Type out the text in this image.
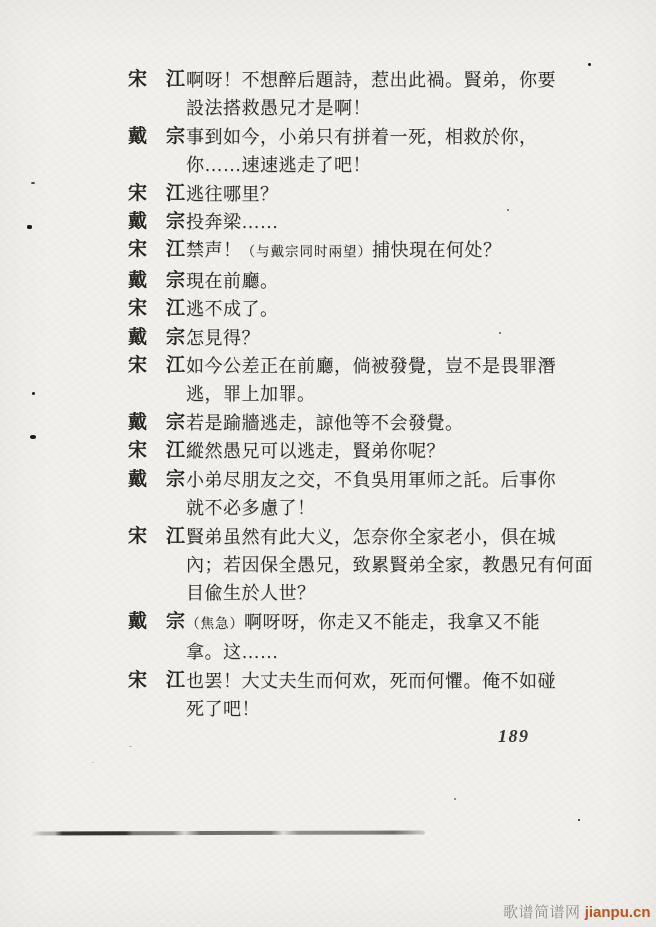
宋　江 啊呀！不想醉后題詩，惹出此禍。賢弟，你要
設法搭救愚兄才是啊！
戴　宗 事到如今，小弟只有拼着一死，相救於你，
你……速速逃走了吧！
宋　江 逃往哪里？
戴　宗 投奔梁……
宋　江 禁声！（与戴宗同时兩望）捕快現在何处？
戴　宗 現在前廳。
宋　江 逃不成了。
戴　宗 怎見得？
宋　江 如今公差正在前廳，倘被發覺，豈不是畏罪潛
逃，罪上加罪。
戴　宗 若是踰牆逃走，諒他等不会發覺。
宋　江 縱然愚兄可以逃走，賢弟你呢？
戴　宗 小弟尽朋友之交，不負吳用軍师之託。后事你
就不必多慮了！
宋　江 賢弟虽然有此大义，怎奈你全家老小，俱在城
內；若因保全愚兄，致累賢弟全家，教愚兄有何面
目偸生於人世？
戴　宗 （焦急）啊呀呀，你走又不能走，我拿又不能
拿。这……
宋　江 也罢！大丈夫生而何欢，死而何懼。俺不如碰
死了吧！
189
歌谱简谱网 jianpu.cn
